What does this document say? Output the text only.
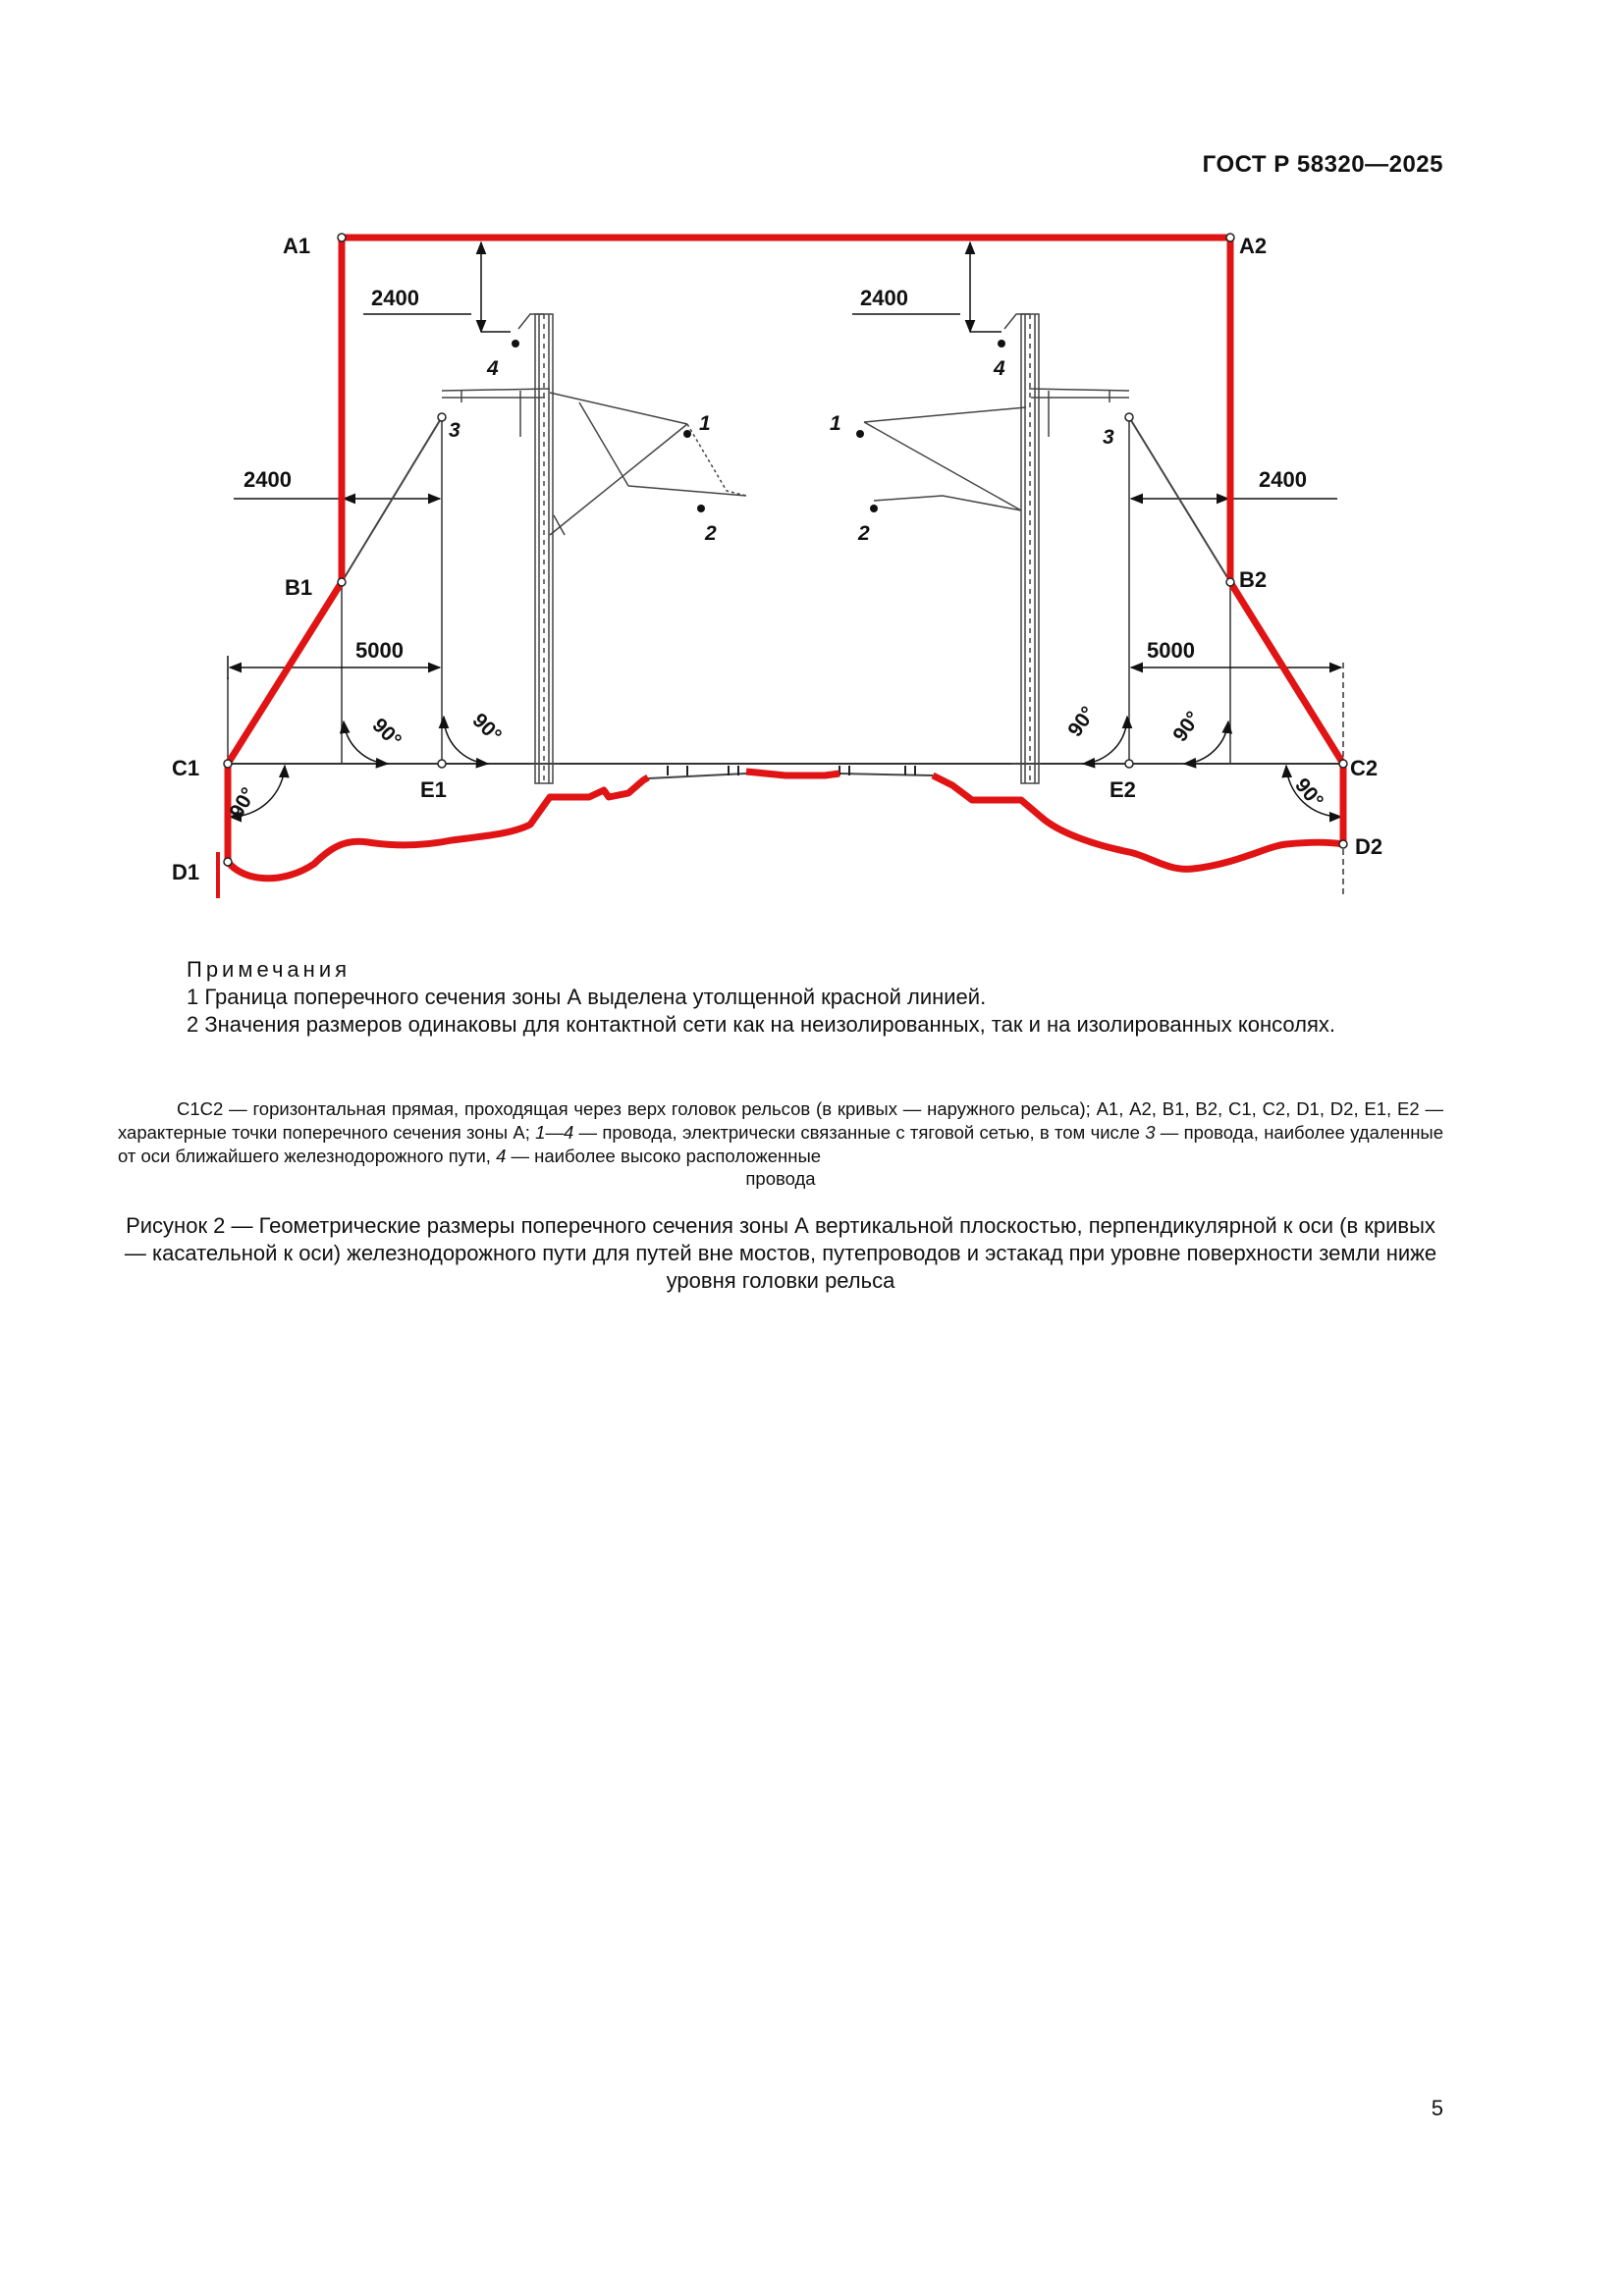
ГОСТ Р 58320—2025
A1	A2
B1	B2
C1	C2
D1
D2
E1	E2
2400	2400
2400	2400
5000	5000
90°	90°	90°	90°
90°	90°
4
3	1
2
4
3
1
2
Примечания
1 Граница поперечного сечения зоны А выделена утолщенной красной линией.
2 Значения размеров одинаковы для контактной сети как на неизолированных, так и на изолированных консолях.
С1С2 — горизонтальная прямая, проходящая через верх головок рельсов (в кривых — наружного рельса); А1, А2, В1, В2, С1, С2, D1, D2, E1, E2 — характерные точки поперечного сечения зоны А; 1—4 — провода, электрически связанные с тяговой сетью, в том числе 3 — провода, наиболее удаленные от оси ближайшего железнодорожного пути, 4 — наиболее высоко расположенные
провода
Рисунок 2 — Геометрические размеры поперечного сечения зоны А вертикальной плоскостью, перпендикулярной к оси (в кривых — касательной к оси) железнодорожного пути для путей вне мостов, путепроводов и эстакад при уровне поверхности земли ниже уровня головки рельса
5
